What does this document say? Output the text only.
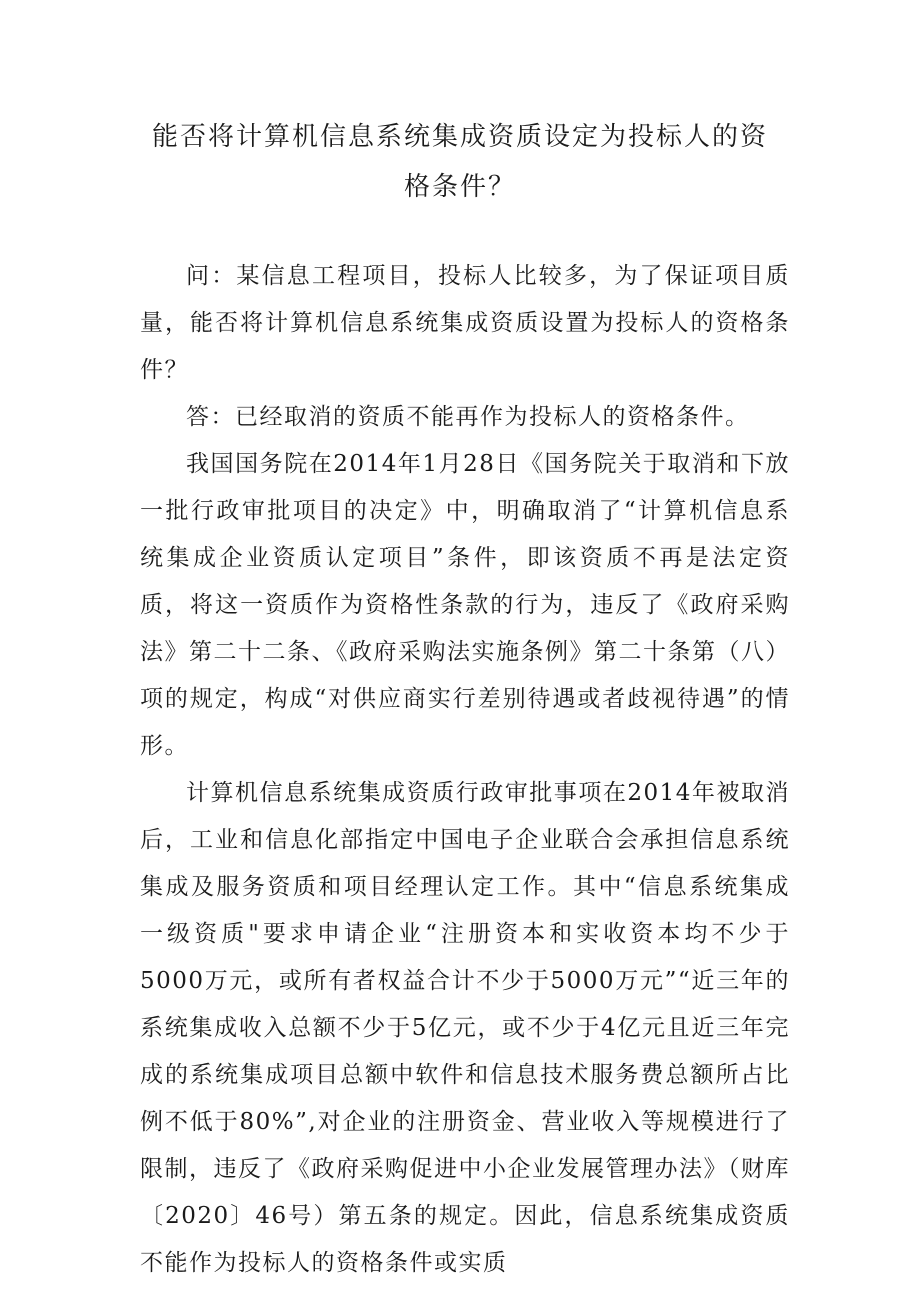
能否将计算机信息系统集成资质设定为投标人的资
格条件？

问：某信息工程项目，投标人比较多，为了保证项目质量，能否将计算机信息系统集成资质设置为投标人的资格条件？

答：已经取消的资质不能再作为投标人的资格条件。

我国国务院在2014年1月28日《国务院关于取消和下放一批行政审批项目的决定》中，明确取消了“计算机信息系统集成企业资质认定项目”条件，即该资质不再是法定资质，将这一资质作为资格性条款的行为，违反了《政府采购法》第二十二条、《政府采购法实施条例》第二十条第（八）项的规定，构成“对供应商实行差别待遇或者歧视待遇”的情形。

计算机信息系统集成资质行政审批事项在2014年被取消后，工业和信息化部指定中国电子企业联合会承担信息系统集成及服务资质和项目经理认定工作。其中“信息系统集成一级资质"要求申请企业“注册资本和实收资本均不少于5000万元，或所有者权益合计不少于5000万元”“近三年的系统集成收入总额不少于5亿元，或不少于4亿元且近三年完成的系统集成项目总额中软件和信息技术服务费总额所占比例不低于80%”,对企业的注册资金、营业收入等规模进行了限制，违反了《政府采购促进中小企业发展管理办法》（财库〔2020〕46号）第五条的规定。因此，信息系统集成资质不能作为投标人的资格条件或实质
